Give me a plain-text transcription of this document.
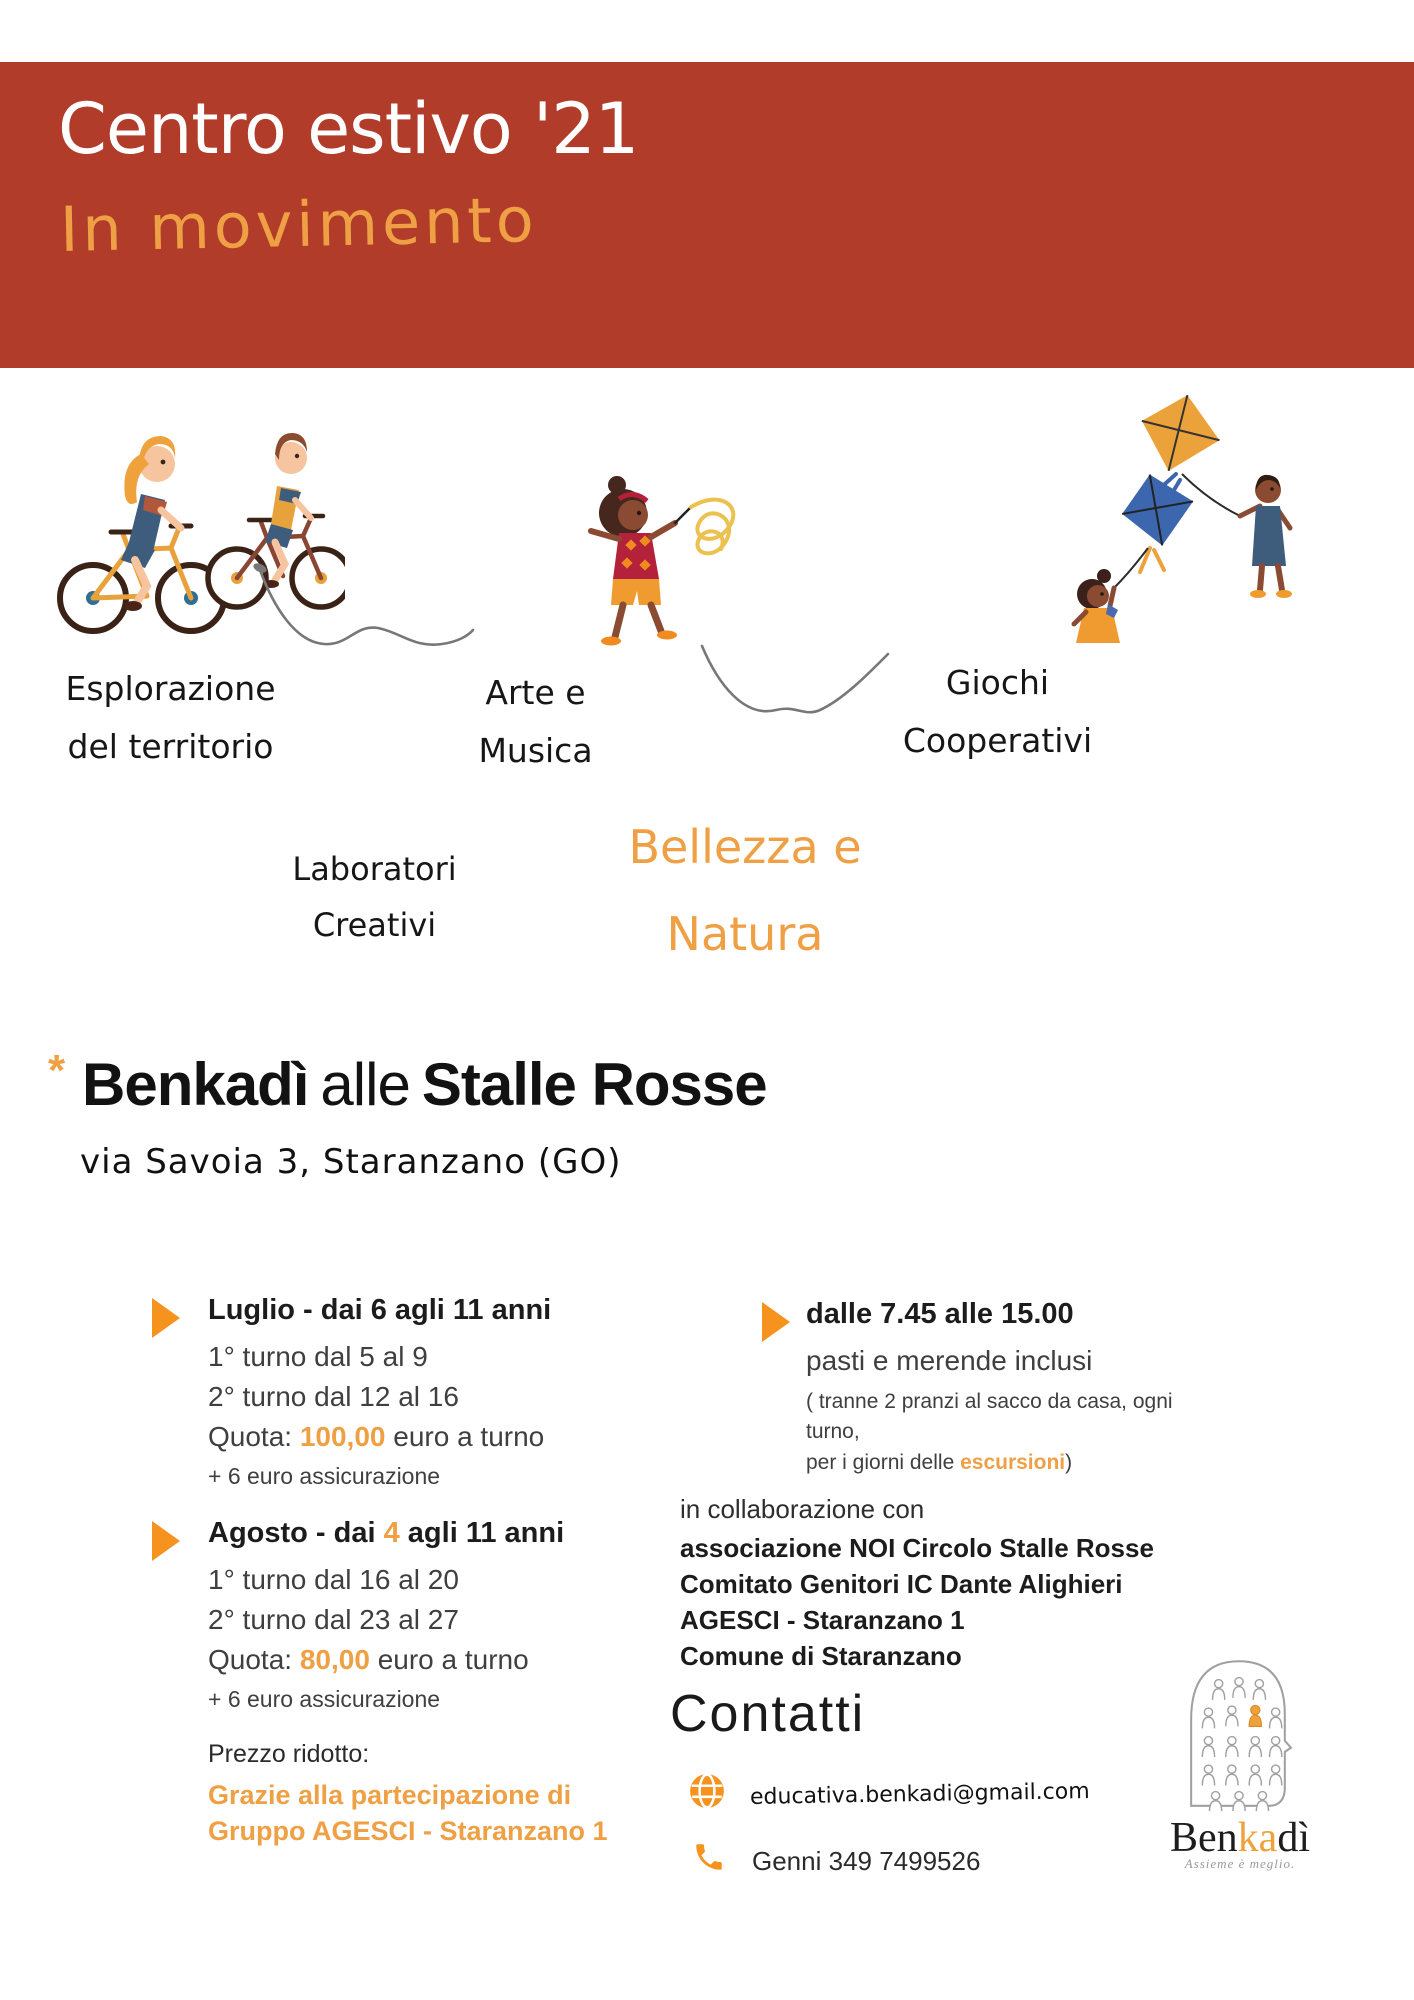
Centro estivo '21
In movimento
Esplorazione
del territorio
Arte e
Musica
Giochi
Cooperativi
Laboratori
Creativi
Bellezza e
Natura
* Benkadì alle Stalle Rosse
via Savoia 3, Staranzano (GO)
Luglio - dai 6 agli 11 anni
1° turno dal 5 al 9
2° turno dal 12 al 16
Quota: 100,00 euro a turno
+ 6 euro assicurazione
Agosto - dai 4 agli 11 anni
1° turno dal 16 al 20
2° turno dal 23 al 27
Quota: 80,00 euro a turno
+ 6 euro assicurazione
Prezzo ridotto:
Grazie alla partecipazione di
Gruppo AGESCI - Staranzano 1
dalle 7.45 alle 15.00
pasti e merende inclusi
( tranne 2 pranzi al sacco da casa, ogni turno,
per i giorni delle escursioni)
in collaborazione con
associazione NOI Circolo Stalle Rosse
Comitato Genitori IC Dante Alighieri
AGESCI - Staranzano 1
Comune di Staranzano
Contatti
educativa.benkadi@gmail.com
Genni 349 7499526	Benkadì
Assieme è meglio.
